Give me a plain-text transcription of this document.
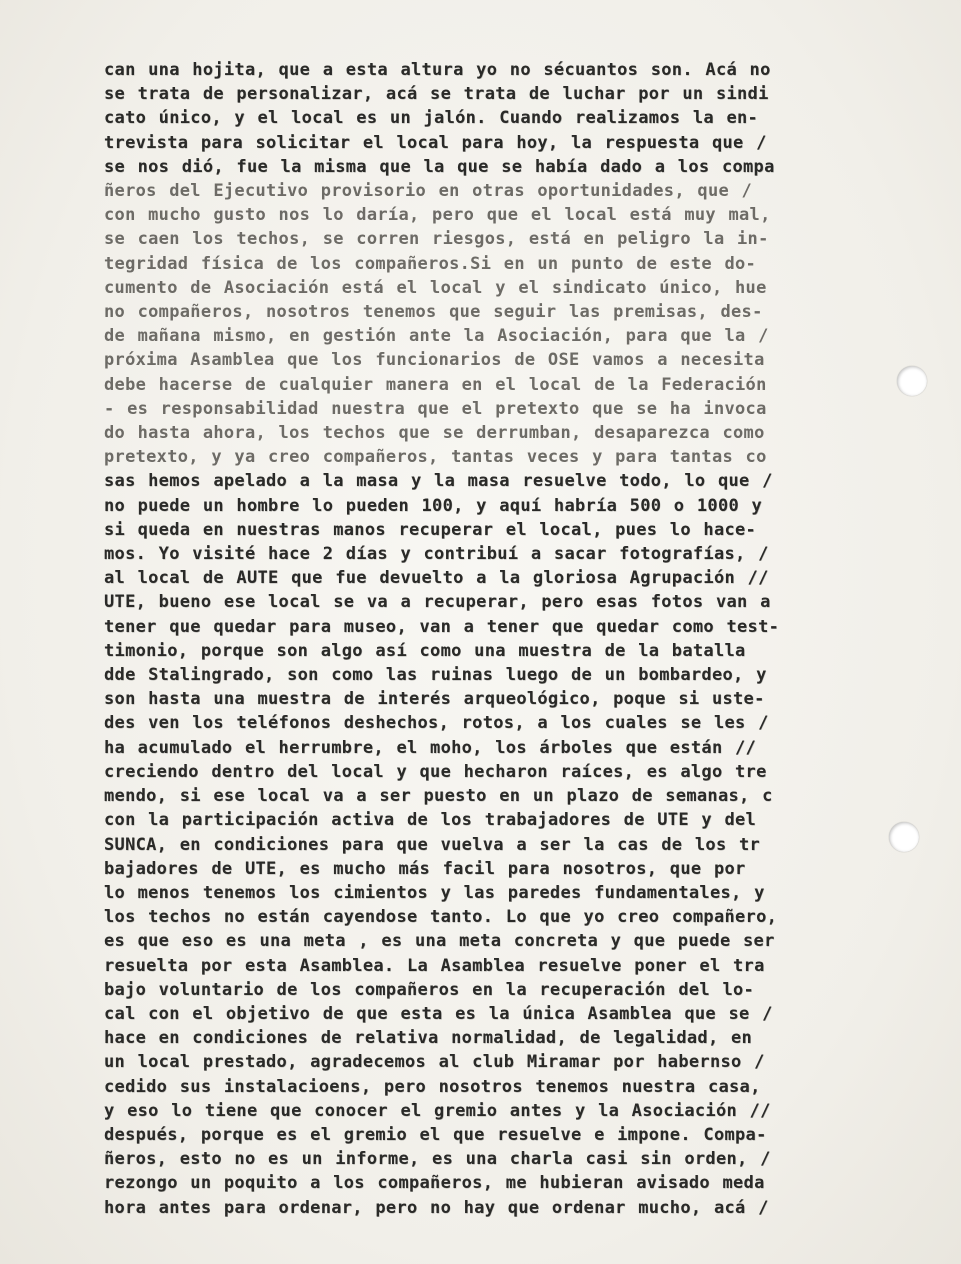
can una hojita, que a esta altura yo no sécuantos son. Acá no
se trata de personalizar, acá se trata de luchar por un sindi
cato único, y el local es un jalón. Cuando realizamos la en-
trevista para solicitar el local para hoy, la respuesta que /
se nos dió, fue la misma que la que se había dado a los compa
ñeros del Ejecutivo provisorio en otras oportunidades, que /
con mucho gusto nos lo daría, pero que el local está muy mal,
se caen los techos, se corren riesgos, está en peligro la in-
tegridad física de los compañeros.Si en un punto de este do-
cumento de Asociación está el local y el sindicato único, hue
no compañeros, nosotros tenemos que seguir las premisas, des-
de mañana mismo, en gestión ante la Asociación, para que la /
próxima Asamblea que los funcionarios de OSE vamos a necesita
debe hacerse de cualquier manera en el local de la Federación
- es responsabilidad nuestra que el pretexto que se ha invoca
do hasta ahora, los techos que se derrumban, desaparezca como
pretexto, y ya creo compañeros, tantas veces y para tantas co
sas hemos apelado a la masa y la masa resuelve todo, lo que /
no puede un hombre lo pueden 100, y aquí habría 500 o 1000 y
si queda en nuestras manos recuperar el local, pues lo hace-
mos. Yo visité hace 2 días y contribuí a sacar fotografías, /
al local de AUTE que fue devuelto a la gloriosa Agrupación //
UTE, bueno ese local se va a recuperar, pero esas fotos van a
tener que quedar para museo, van a tener que quedar como test-
timonio, porque son algo así como una muestra de la batalla
dde Stalingrado, son como las ruinas luego de un bombardeo, y
son hasta una muestra de interés arqueológico, poque si uste-
des ven los teléfonos deshechos, rotos, a los cuales se les /
ha acumulado el herrumbre, el moho, los árboles que están //
creciendo dentro del local y que hecharon raíces, es algo tre
mendo, si ese local va a ser puesto en un plazo de semanas, c
con la participación activa de los trabajadores de UTE y del
SUNCA, en condiciones para que vuelva a ser la cas de los tr
bajadores de UTE, es mucho más facil para nosotros, que por
lo menos tenemos los cimientos y las paredes fundamentales, y
los techos no están cayendose tanto. Lo que yo creo compañero,
es que eso es una meta , es una meta concreta y que puede ser
resuelta por esta Asamblea. La Asamblea resuelve poner el tra
bajo voluntario de los compañeros en la recuperación del lo-
cal con el objetivo de que esta es la única Asamblea que se /
hace en condiciones de relativa normalidad, de legalidad, en
un local prestado, agradecemos al club Miramar por habernso /
cedido sus instalacioens, pero nosotros tenemos nuestra casa,
y eso lo tiene que conocer el gremio antes y la Asociación //
después, porque es el gremio el que resuelve e impone. Compa-
ñeros, esto no es un informe, es una charla casi sin orden, /
rezongo un poquito a los compañeros, me hubieran avisado meda
hora antes para ordenar, pero no hay que ordenar mucho, acá /
